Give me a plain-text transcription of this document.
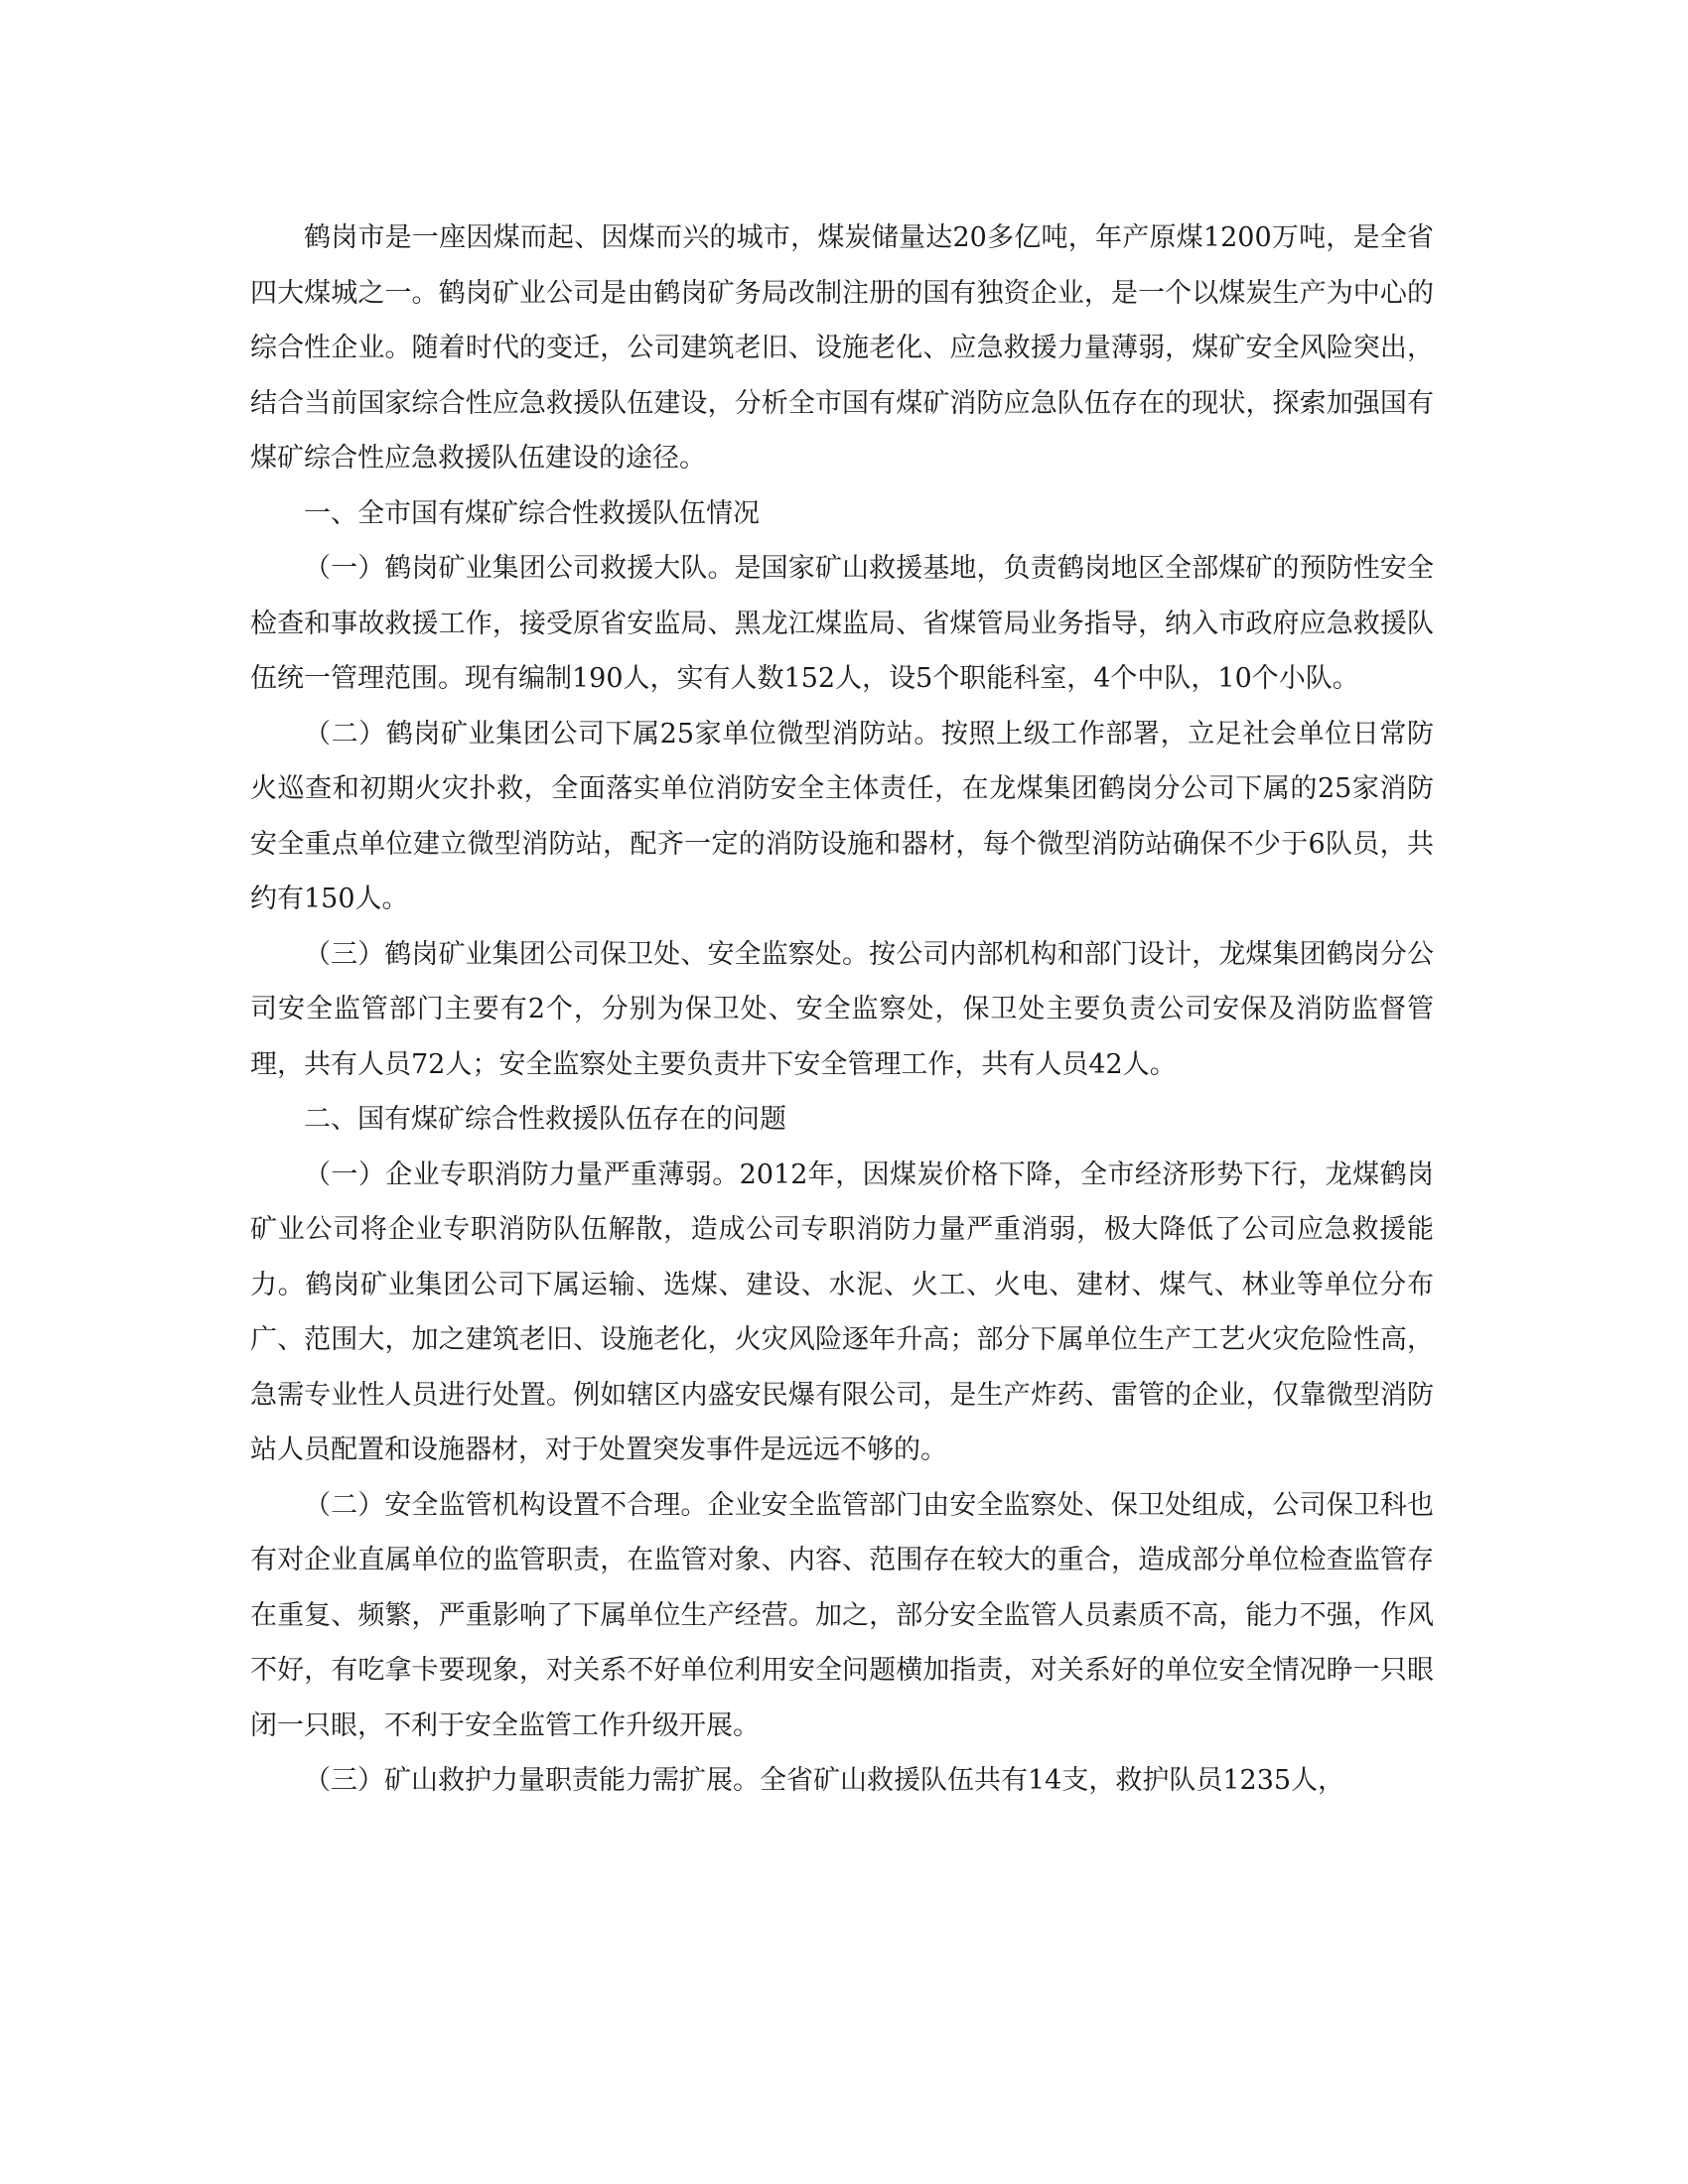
鹤岗市是一座因煤而起、因煤而兴的城市，煤炭储量达20多亿吨，年产原煤1200万吨，是全省四大煤城之一。鹤岗矿业公司是由鹤岗矿务局改制注册的国有独资企业，是一个以煤炭生产为中心的综合性企业。随着时代的变迁，公司建筑老旧、设施老化、应急救援力量薄弱，煤矿安全风险突出，结合当前国家综合性应急救援队伍建设，分析全市国有煤矿消防应急队伍存在的现状，探索加强国有煤矿综合性应急救援队伍建设的途径。

一、全市国有煤矿综合性救援队伍情况

（一）鹤岗矿业集团公司救援大队。是国家矿山救援基地，负责鹤岗地区全部煤矿的预防性安全检查和事故救援工作，接受原省安监局、黑龙江煤监局、省煤管局业务指导，纳入市政府应急救援队伍统一管理范围。现有编制190人，实有人数152人，设5个职能科室，4个中队，10个小队。

（二）鹤岗矿业集团公司下属25家单位微型消防站。按照上级工作部署，立足社会单位日常防火巡查和初期火灾扑救，全面落实单位消防安全主体责任，在龙煤集团鹤岗分公司下属的25家消防安全重点单位建立微型消防站，配齐一定的消防设施和器材，每个微型消防站确保不少于6队员，共约有150人。

（三）鹤岗矿业集团公司保卫处、安全监察处。按公司内部机构和部门设计，龙煤集团鹤岗分公司安全监管部门主要有2个，分别为保卫处、安全监察处，保卫处主要负责公司安保及消防监督管理，共有人员72人；安全监察处主要负责井下安全管理工作，共有人员42人。

二、国有煤矿综合性救援队伍存在的问题

（一）企业专职消防力量严重薄弱。2012年，因煤炭价格下降，全市经济形势下行，龙煤鹤岗矿业公司将企业专职消防队伍解散，造成公司专职消防力量严重消弱，极大降低了公司应急救援能力。鹤岗矿业集团公司下属运输、选煤、建设、水泥、火工、火电、建材、煤气、林业等单位分布广、范围大，加之建筑老旧、设施老化，火灾风险逐年升高；部分下属单位生产工艺火灾危险性高，急需专业性人员进行处置。例如辖区内盛安民爆有限公司，是生产炸药、雷管的企业，仅靠微型消防站人员配置和设施器材，对于处置突发事件是远远不够的。

（二）安全监管机构设置不合理。企业安全监管部门由安全监察处、保卫处组成，公司保卫科也有对企业直属单位的监管职责，在监管对象、内容、范围存在较大的重合，造成部分单位检查监管存在重复、频繁，严重影响了下属单位生产经营。加之，部分安全监管人员素质不高，能力不强，作风不好，有吃拿卡要现象，对关系不好单位利用安全问题横加指责，对关系好的单位安全情况睁一只眼闭一只眼，不利于安全监管工作升级开展。

（三）矿山救护力量职责能力需扩展。全省矿山救援队伍共有14支，救护队员1235人，
